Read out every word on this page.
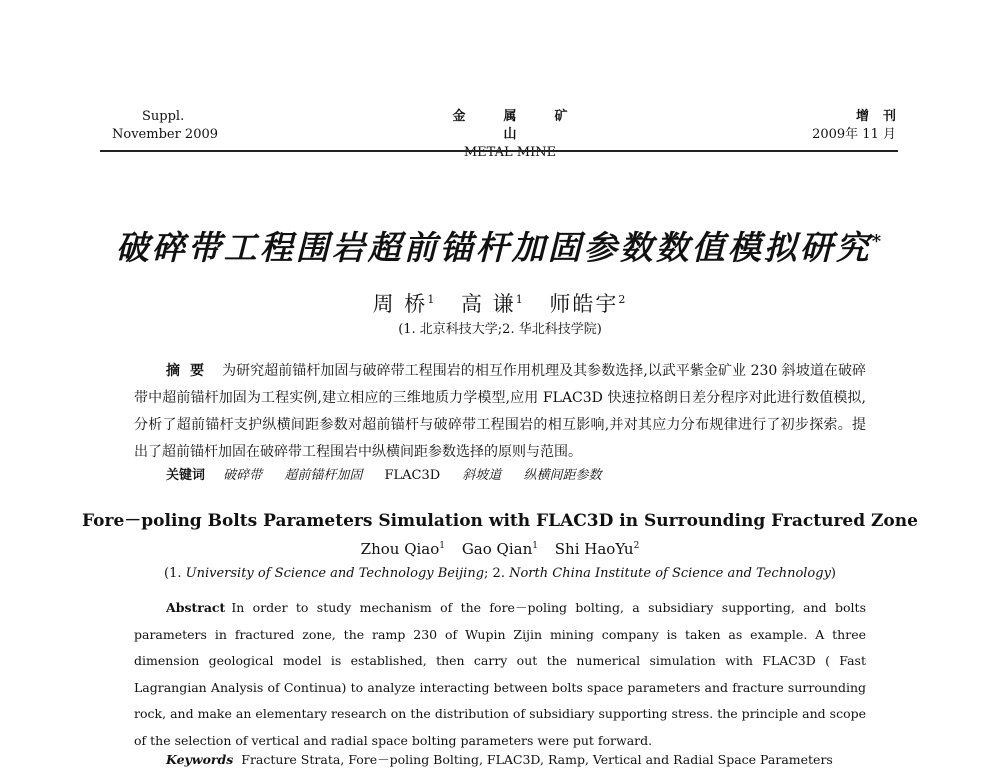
Suppl.
November 2009
金属矿山
METAL MINE
增刊
2009年 11 月
破碎带工程围岩超前锚杆加固参数数值模拟研究*
周 桥$^1$ 高 谦$^1$ 师皓宇$^2$
(1. 北京科技大学;2. 华北科技学院)
摘要 为研究超前锚杆加固与破碎带工程围岩的相互作用机理及其参数选择,以武平紫金矿业 230 斜坡道在破碎带中超前锚杆加固为工程实例,建立相应的三维地质力学模型,应用 FLAC3D 快速拉格朗日差分程序对此进行数值模拟,分析了超前锚杆支护纵横间距参数对超前锚杆与破碎带工程围岩的相互影响,并对其应力分布规律进行了初步探索。提出了超前锚杆加固在破碎带工程围岩中纵横间距参数选择的原则与范围。
关键词 破碎带 超前锚杆加固 FLAC3D 斜坡道 纵横间距参数
Fore－poling Bolts Parameters Simulation with FLAC3D in Surrounding Fractured Zone
Zhou Qiao$^1$ Gao Qian$^1$ Shi HaoYu$^2$
(1. University of Science and Technology Beijing; 2. North China Institute of Science and Technology)
Abstract In order to study mechanism of the fore－poling bolting, a subsidiary supporting, and bolts parameters in fractured zone, the ramp 230 of Wupin Zijin mining company is taken as example. A three dimension geological model is established, then carry out the numerical simulation with FLAC3D ( Fast Lagrangian Analysis of Continua) to analyze interacting between bolts space parameters and fracture surrounding rock, and make an elementary research on the distribution of subsidiary supporting stress. the principle and scope of the selection of vertical and radial space bolting parameters were put forward.
Keywords Fracture Strata, Fore－poling Bolting, FLAC3D, Ramp, Vertical and Radial Space Parameters
